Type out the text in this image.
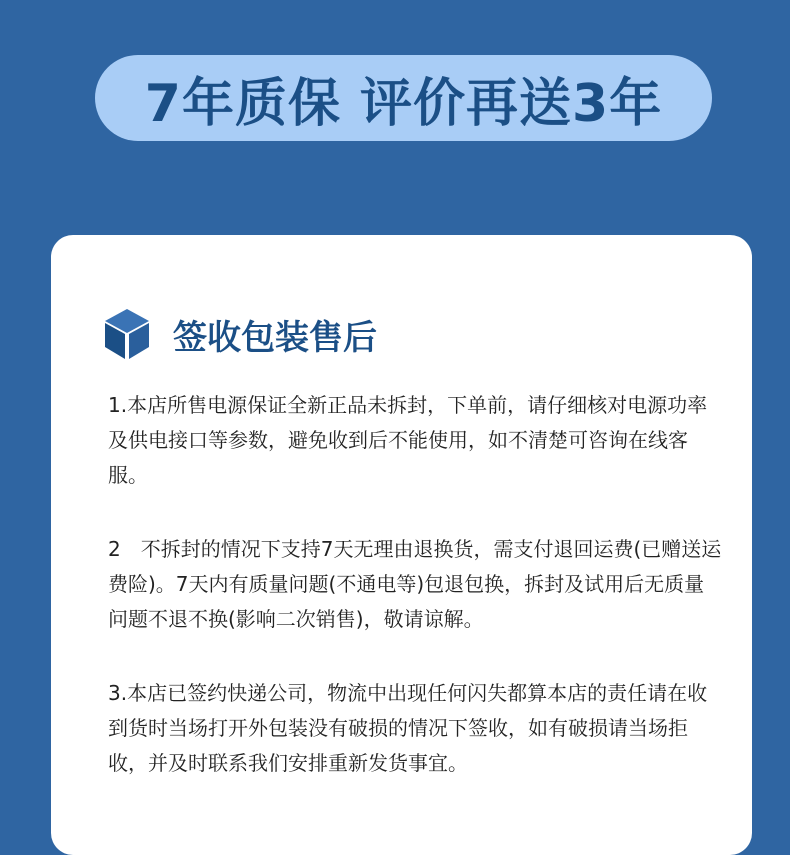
7年质保 评价再送3年
签收包装售后

1.本店所售电源保证全新正品未拆封，下单前，请仔细核对电源功率及供电接口等参数，避免收到后不能使用，如不清楚可咨询在线客服。

2　不拆封的情况下支持7天无理由退换货，需支付退回运费(已赠送运费险)。7天内有质量问题(不通电等)包退包换，拆封及试用后无质量问题不退不换(影响二次销售)，敬请谅解。

3.本店已签约快递公司，物流中出现任何闪失都算本店的责任请在收到货时当场打开外包装没有破损的情况下签收，如有破损请当场拒收，并及时联系我们安排重新发货事宜。
